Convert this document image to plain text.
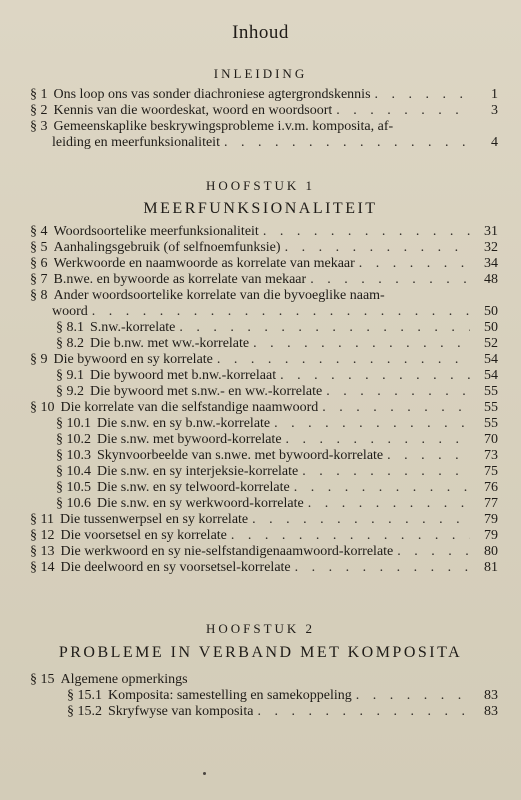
Inhoud
INLEIDING
§ 1 Ons loop ons vas sonder diachroniese agtergrondskennis . . .	1
§ 2 Kennis van die woordeskat, woord en woordsoort . . .	3
§ 3 Gemeenskaplike beskrywingsprobleme i.v.m. komposita, af-
leiding en meerfunksionaliteit . . .	4
HOOFSTUK 1
MEERFUNKSIONALITEIT
§ 4 Woordsoortelike meerfunksionaliteit . . .	31
§ 5 Aanhalingsgebruik (of selfnoemfunksie) . . .	32
§ 6 Werkwoorde en naamwoorde as korrelate van mekaar . . .	34
§ 7 B.nwe. en bywoorde as korrelate van mekaar . . .	48
§ 8 Ander woordsoortelike korrelate van die byvoeglike naam-
woord . . .	50
§ 8.1 S.nw.-korrelate . . .	50
§ 8.2 Die b.nw. met ww.-korrelate . . .	52
§ 9 Die bywoord en sy korrelate . . .	54
§ 9.1 Die bywoord met b.nw.-korrelaat . . .	54
§ 9.2 Die bywoord met s.nw.- en ww.-korrelate . . .	55
§ 10 Die korrelate van die selfstandige naamwoord . . .	55
§ 10.1 Die s.nw. en sy b.nw.-korrelate . . .	55
§ 10.2 Die s.nw. met bywoord-korrelate . . .	70
§ 10.3 Skynvoorbeelde van s.nwe. met bywoord-korrelate . . .	73
§ 10.4 Die s.nw. en sy interjeksie-korrelate . . .	75
§ 10.5 Die s.nw. en sy telwoord-korrelate . . .	76
§ 10.6 Die s.nw. en sy werkwoord-korrelate . . .	77
§ 11 Die tussenwerpsel en sy korrelate . . .	79
§ 12 Die voorsetsel en sy korrelate . . .	79
§ 13 Die werkwoord en sy nie-selfstandigenaamwoord-korrelate . . .	80
§ 14 Die deelwoord en sy voorsetsel-korrelate . . .	81
HOOFSTUK 2
PROBLEME IN VERBAND MET KOMPOSITA
§ 15 Algemene opmerkings
§ 15.1 Komposita: samestelling en samekoppeling . . .	83
§ 15.2 Skryfwyse van komposita . . .	83
